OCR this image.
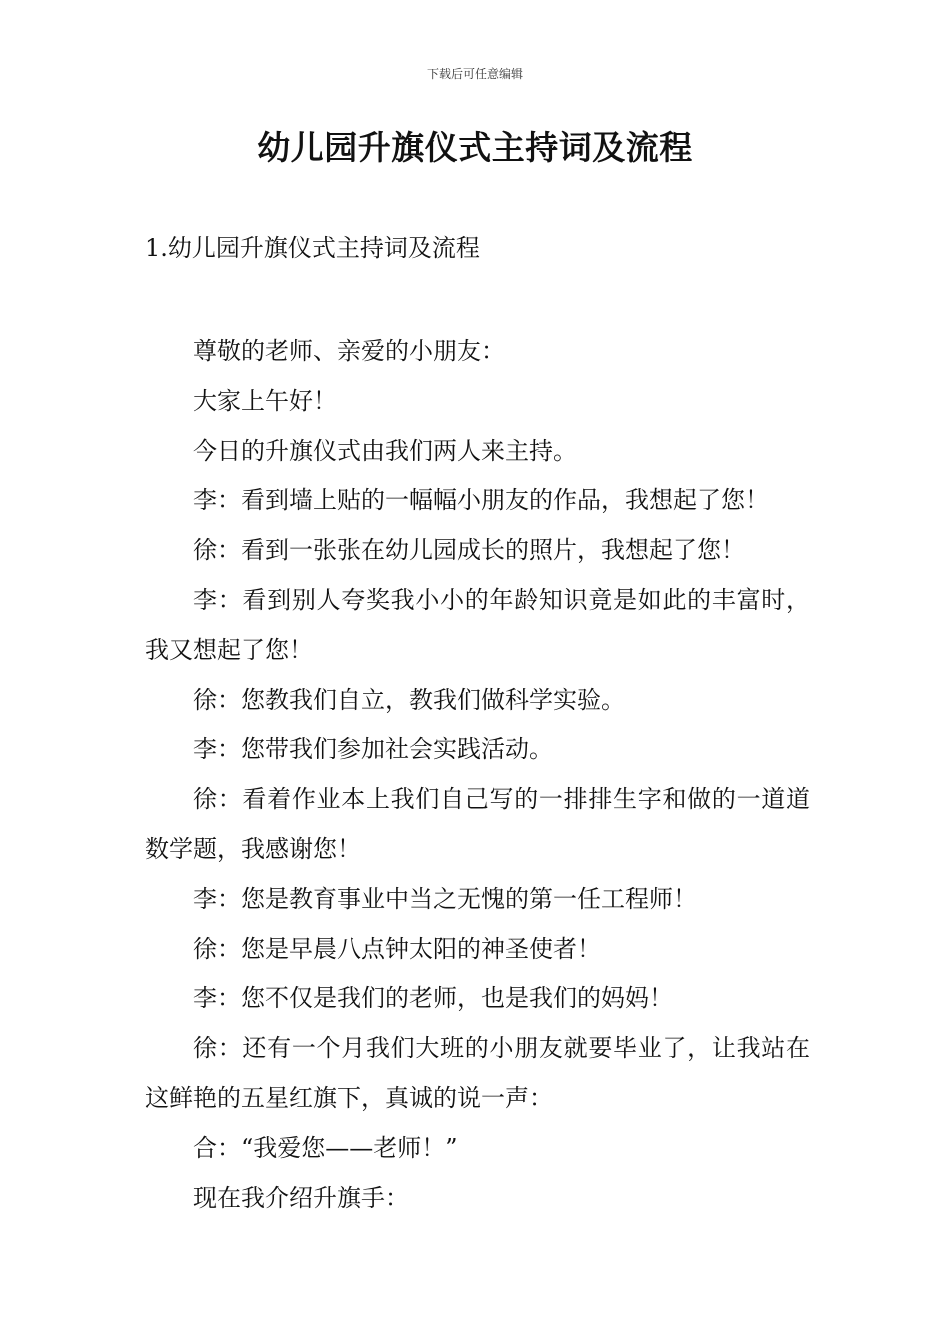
下载后可任意编辑
幼儿园升旗仪式主持词及流程
1.幼儿园升旗仪式主持词及流程

尊敬的老师、亲爱的小朋友：

大家上午好！

今日的升旗仪式由我们两人来主持。

李：看到墙上贴的一幅幅小朋友的作品，我想起了您！

徐：看到一张张在幼儿园成长的照片，我想起了您！

李：看到别人夸奖我小小的年龄知识竟是如此的丰富时，我又想起了您！

徐：您教我们自立，教我们做科学实验。

李：您带我们参加社会实践活动。

徐：看着作业本上我们自己写的一排排生字和做的一道道数学题，我感谢您！

李：您是教育事业中当之无愧的第一任工程师！

徐：您是早晨八点钟太阳的神圣使者！

李：您不仅是我们的老师，也是我们的妈妈！

徐：还有一个月我们大班的小朋友就要毕业了，让我站在这鲜艳的五星红旗下，真诚的说一声：

合：“我爱您——老师！”

现在我介绍升旗手：
